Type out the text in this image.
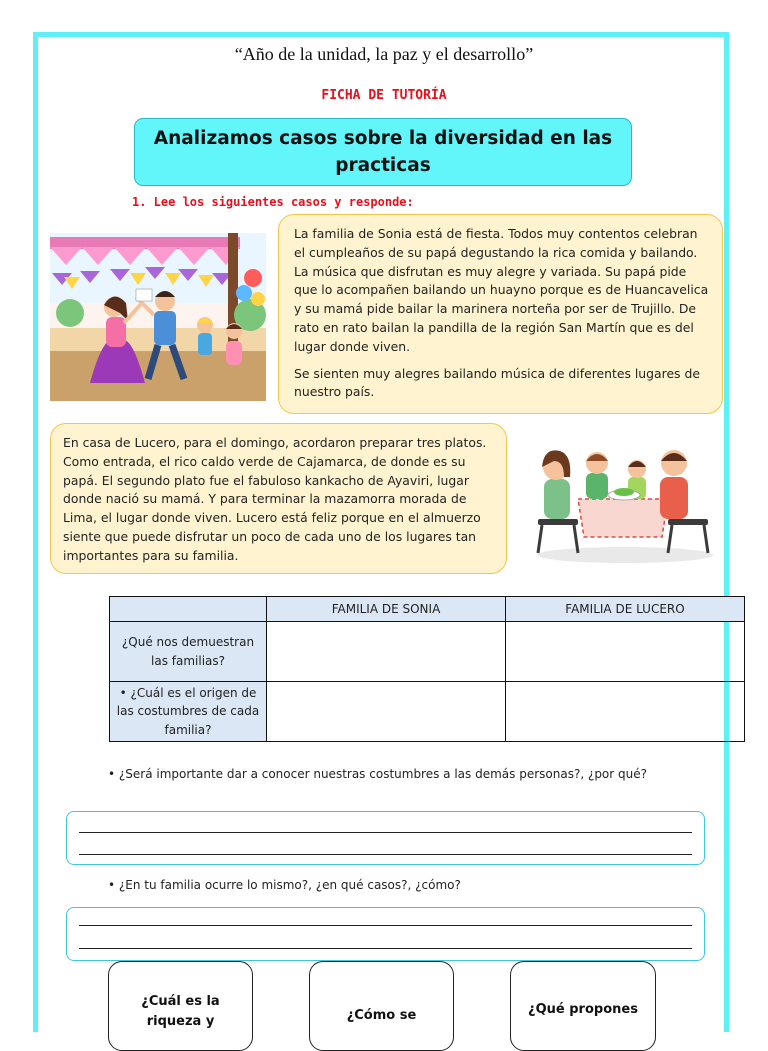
“Año de la unidad, la paz y el desarrollo”
FICHA DE TUTORÍA
Analizamos casos sobre la diversidad en las practicas
1. Lee los siguientes casos y responde:

La familia de Sonia está de fiesta. Todos muy contentos celebran el cumpleaños de su papá degustando la rica comida y bailando. La música que disfrutan es muy alegre y variada. Su papá pide que lo acompañen bailando un huayno porque es de Huancavelica y su mamá pide bailar la marinera norteña por ser de Trujillo. De rato en rato bailan la pandilla de la región San Martín que es del lugar donde viven.

Se sienten muy alegres bailando música de diferentes lugares de nuestro país.

En casa de Lucero, para el domingo, acordaron preparar tres platos. Como entrada, el rico caldo verde de Cajamarca, de donde es su papá. El segundo plato fue el fabuloso kankacho de Ayaviri, lugar donde nació su mamá. Y para terminar la mazamorra morada de Lima, el lugar donde viven. Lucero está feliz porque en el almuerzo siente que puede disfrutar un poco de cada uno de los lugares tan importantes para su familia.

	FAMILIA DE SONIA	FAMILIA DE LUCERO
¿Qué nos demuestran las familias?		
• ¿Cuál es el origen de las costumbres de cada familia?		
• ¿Será importante dar a conocer nuestras costumbres a las demás personas?, ¿por qué?
• ¿En tu familia ocurre lo mismo?, ¿en qué casos?, ¿cómo?
¿Cuál es la riqueza y	¿Cómo se	¿Qué propones
